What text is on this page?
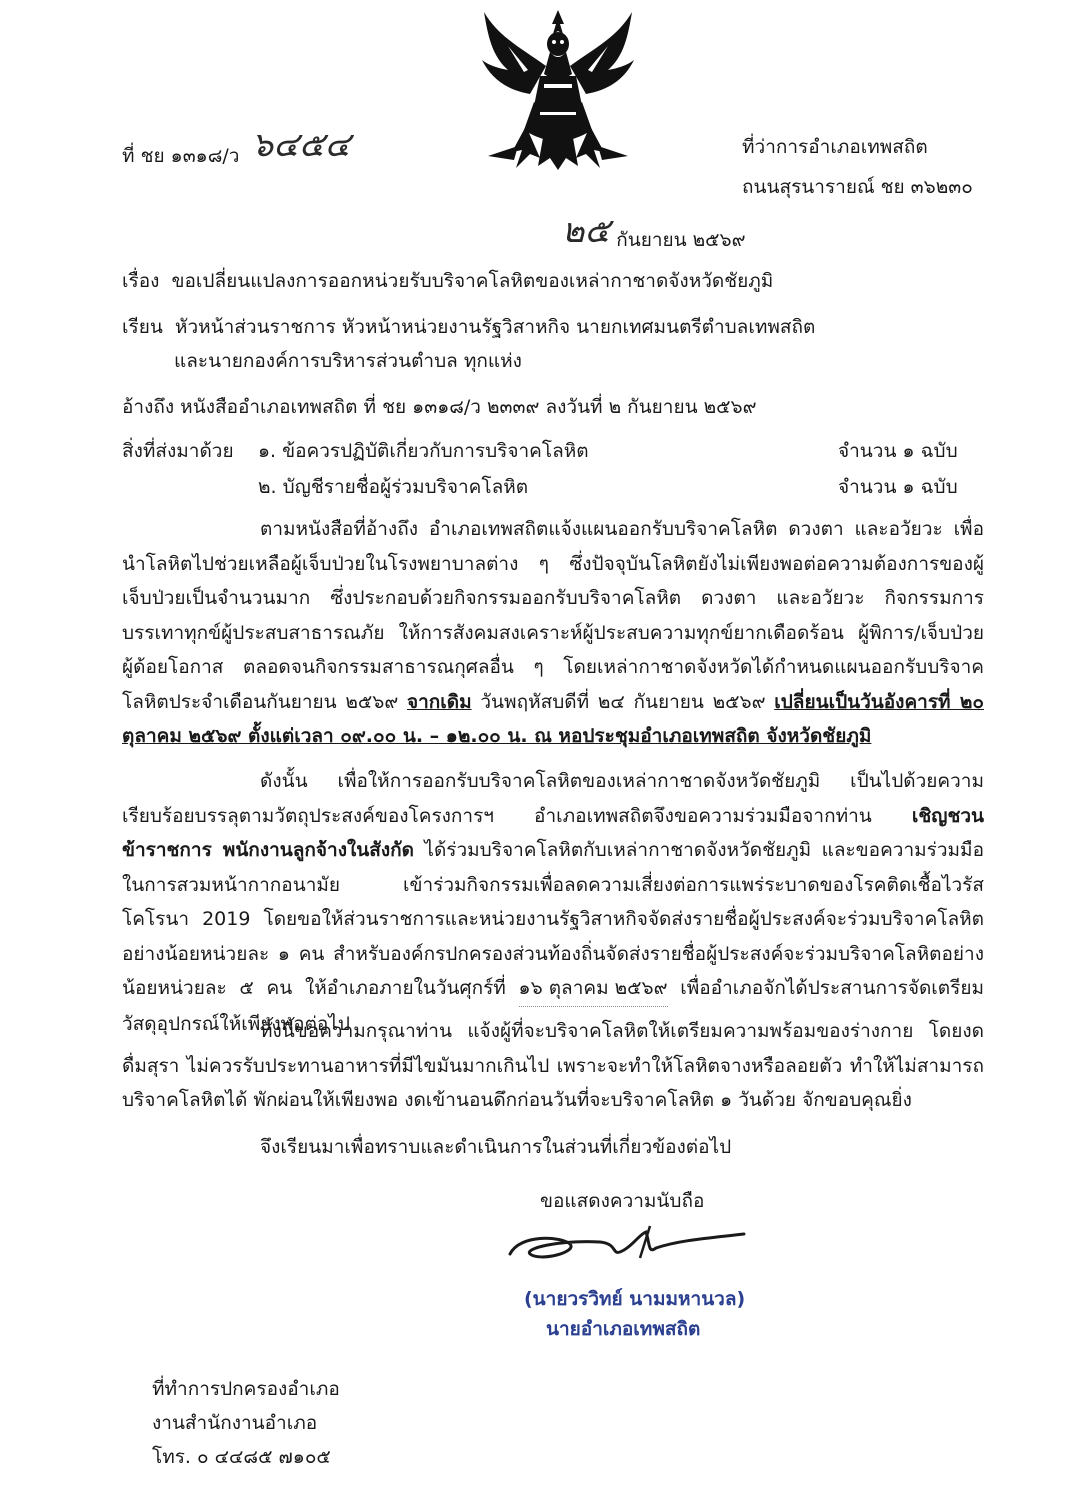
ที่ ชย ๑๓๑๘/ว ๖๔๕๔	ที่ว่าการอำเภอเทพสถิต
ถนนสุรนารายณ์ ชย ๓๖๒๓๐
๒๕ กันยายน ๒๕๖๙
เรื่อง ขอเปลี่ยนแปลงการออกหน่วยรับบริจาคโลหิตของเหล่ากาชาดจังหวัดชัยภูมิ
เรียน หัวหน้าส่วนราชการ หัวหน้าหน่วยงานรัฐวิสาหกิจ นายกเทศมนตรีตำบลเทพสถิต
และนายกองค์การบริหารส่วนตำบล ทุกแห่ง
อ้างถึง หนังสืออำเภอเทพสถิต ที่ ชย ๑๓๑๘/ว ๒๓๓๙ ลงวันที่ ๒ กันยายน ๒๕๖๙
สิ่งที่ส่งมาด้วย ๑. ข้อควรปฏิบัติเกี่ยวกับการบริจาคโลหิต	จำนวน ๑ ฉบับ
๒. บัญชีรายชื่อผู้ร่วมบริจาคโลหิต	จำนวน ๑ ฉบับ

ตามหนังสือที่อ้างถึง อำเภอเทพสถิตแจ้งแผนออกรับบริจาคโลหิต ดวงตา และอวัยวะ เพื่อนำโลหิตไปช่วยเหลือผู้เจ็บป่วยในโรงพยาบาลต่าง ๆ ซึ่งปัจจุบันโลหิตยังไม่เพียงพอต่อความต้องการของผู้เจ็บป่วยเป็นจำนวนมาก ซึ่งประกอบด้วยกิจกรรมออกรับบริจาคโลหิต ดวงตา และอวัยวะ กิจกรรมการบรรเทาทุกข์ผู้ประสบสาธารณภัย ให้การสังคมสงเคราะห์ผู้ประสบความทุกข์ยากเดือดร้อน ผู้พิการ/เจ็บป่วย ผู้ด้อยโอกาส ตลอดจนกิจกรรมสาธารณกุศลอื่น ๆ โดยเหล่ากาชาดจังหวัดได้กำหนดแผนออกรับบริจาคโลหิตประจำเดือนกันยายน ๒๕๖๙ จากเดิม วันพฤหัสบดีที่ ๒๔ กันยายน ๒๕๖๙ เปลี่ยนเป็นวันอังคารที่ ๒๐ ตุลาคม ๒๕๖๙ ตั้งแต่เวลา ๐๙.๐๐ น. – ๑๒.๐๐ น. ณ หอประชุมอำเภอเทพสถิต จังหวัดชัยภูมิ

ดังนั้น เพื่อให้การออกรับบริจาคโลหิตของเหล่ากาชาดจังหวัดชัยภูมิ เป็นไปด้วยความเรียบร้อยบรรลุตามวัตถุประสงค์ของโครงการฯ อำเภอเทพสถิตจึงขอความร่วมมือจากท่าน เชิญชวนข้าราชการ พนักงานลูกจ้างในสังกัด ได้ร่วมบริจาคโลหิตกับเหล่ากาชาดจังหวัดชัยภูมิ และขอความร่วมมือในการสวมหน้ากากอนามัย เข้าร่วมกิจกรรมเพื่อลดความเสี่ยงต่อการแพร่ระบาดของโรคติดเชื้อไวรัสโคโรนา 2019 โดยขอให้ส่วนราชการและหน่วยงานรัฐวิสาหกิจจัดส่งรายชื่อผู้ประสงค์จะร่วมบริจาคโลหิตอย่างน้อยหน่วยละ ๑ คน สำหรับองค์กรปกครองส่วนท้องถิ่นจัดส่งรายชื่อผู้ประสงค์จะร่วมบริจาคโลหิตอย่างน้อยหน่วยละ ๕ คน ให้อำเภอภายในวันศุกร์ที่ ๑๖ ตุลาคม ๒๕๖๙ เพื่ออำเภอจักได้ประสานการจัดเตรียมวัสดุอุปกรณ์ให้เพียงพอต่อไป

ทั้งนี้ขอความกรุณาท่าน แจ้งผู้ที่จะบริจาคโลหิตให้เตรียมความพร้อมของร่างกาย โดยงดดื่มสุรา ไม่ควรรับประทานอาหารที่มีไขมันมากเกินไป เพราะจะทำให้โลหิตจางหรือลอยตัว ทำให้ไม่สามารถบริจาคโลหิตได้ พักผ่อนให้เพียงพอ งดเข้านอนดึกก่อนวันที่จะบริจาคโลหิต ๑ วันด้วย จักขอบคุณยิ่ง

จึงเรียนมาเพื่อทราบและดำเนินการในส่วนที่เกี่ยวข้องต่อไป
ขอแสดงความนับถือ
(นายวรวิทย์ นามมหานวล)
นายอำเภอเทพสถิต
ที่ทำการปกครองอำเภอ
งานสำนักงานอำเภอ
โทร. ๐ ๔๔๘๕ ๗๑๐๕
